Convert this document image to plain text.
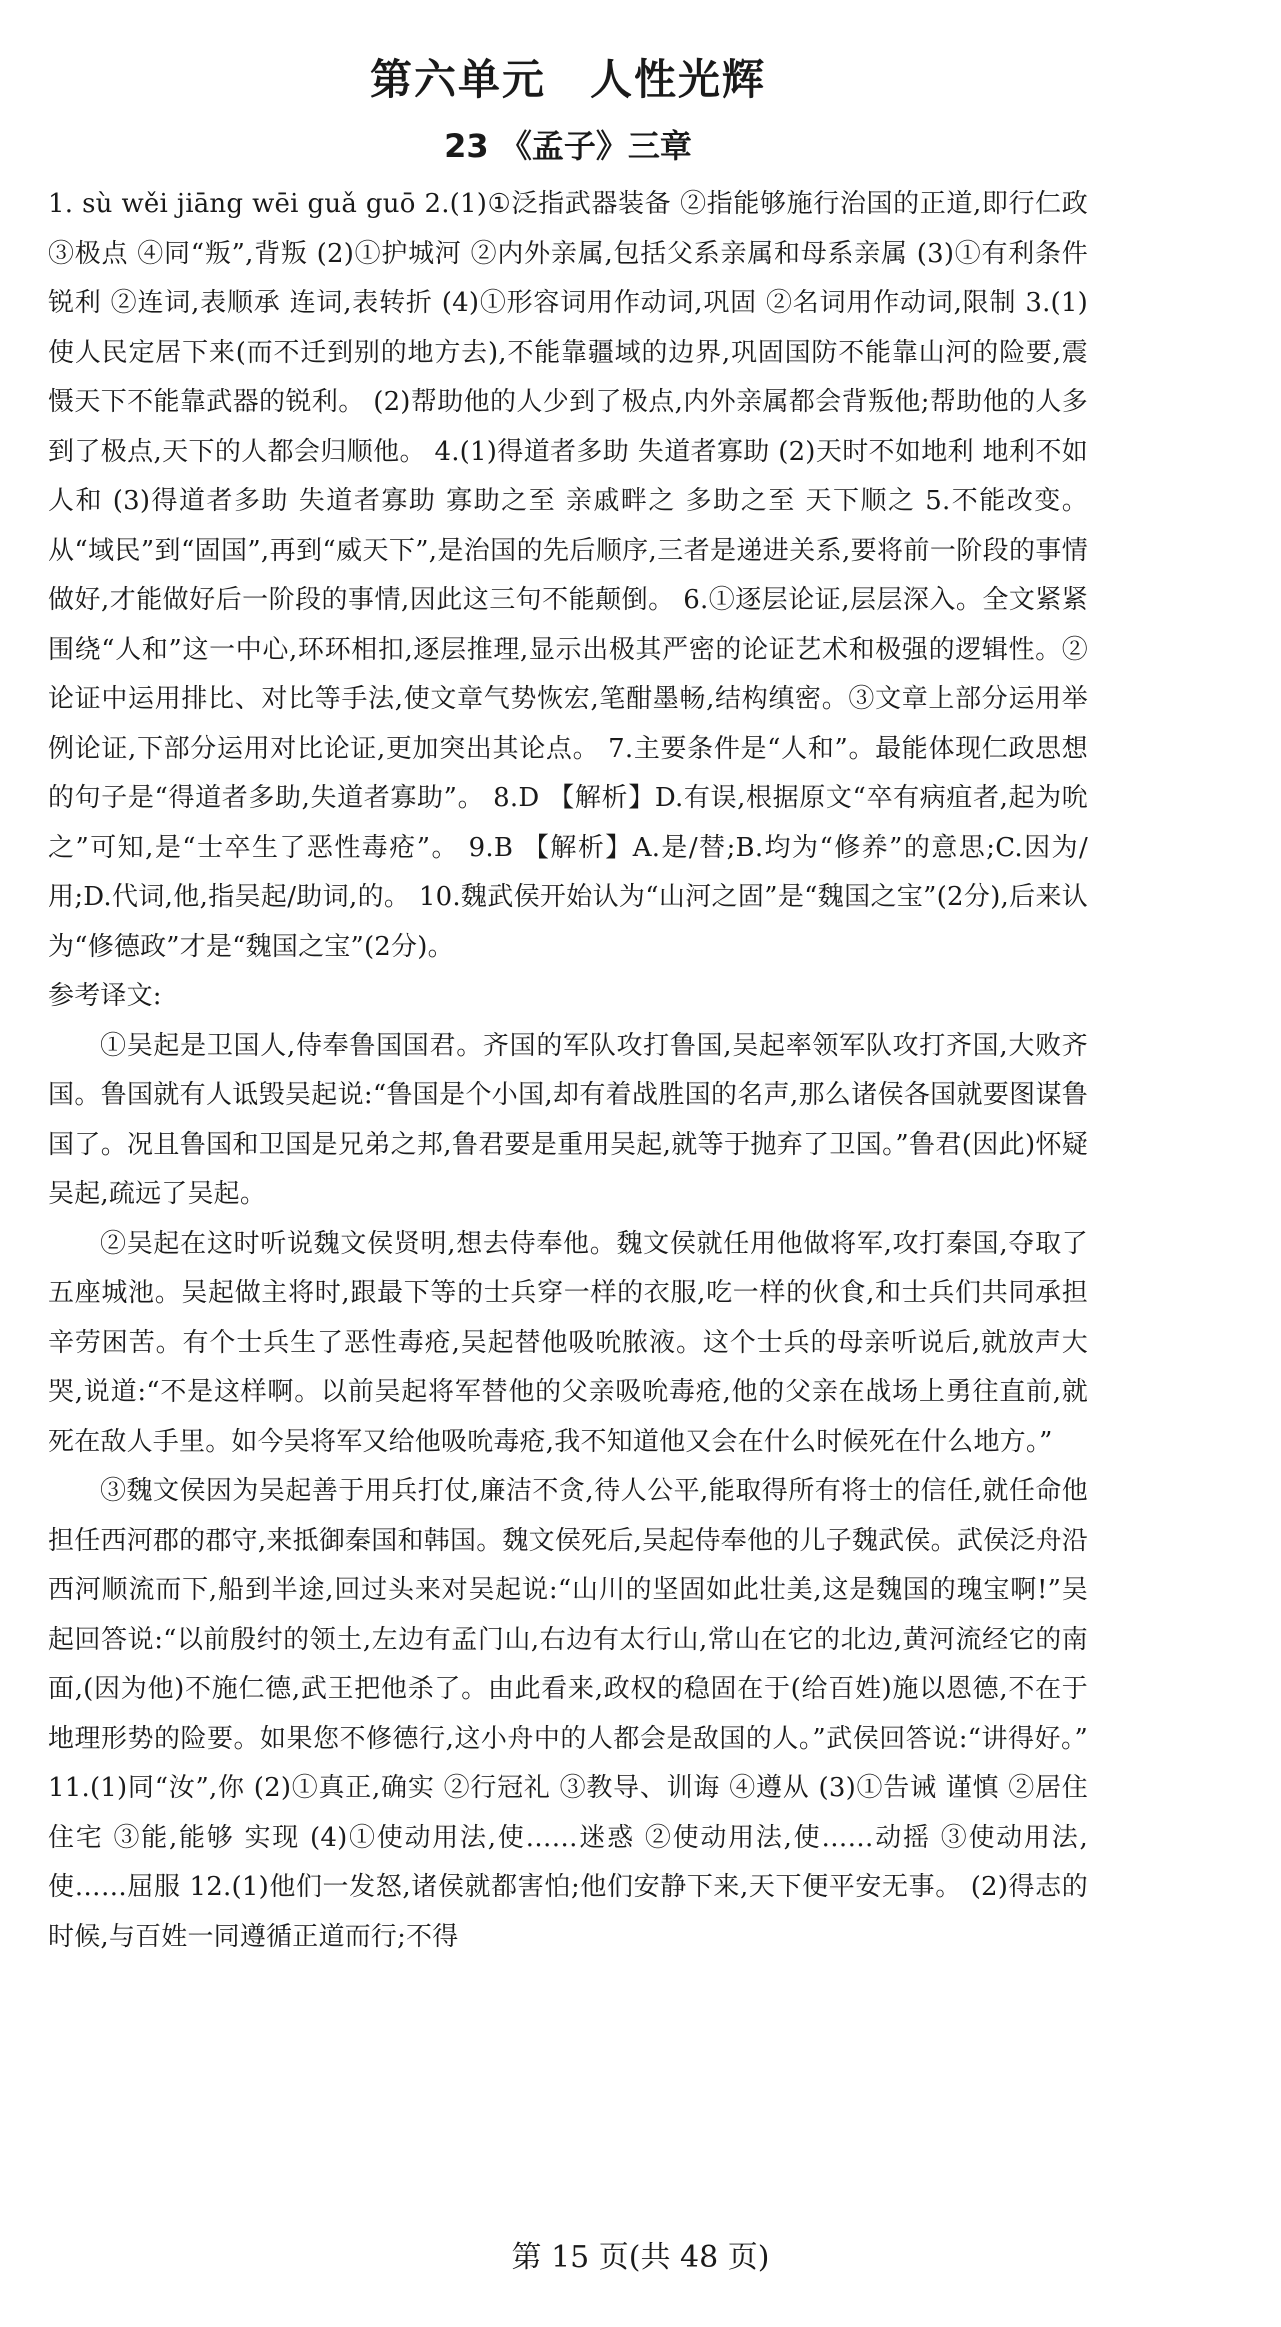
第六单元　人性光辉
23 《孟子》三章

1. sù wěi jiāng wēi guǎ guō 2.(1)①泛指武器装备 ②指能够施行治国的正道,即行仁政 ③极点 ④同“叛”,背叛 (2)①护城河 ②内外亲属,包括父系亲属和母系亲属 (3)①有利条件 锐利 ②连词,表顺承 连词,表转折 (4)①形容词用作动词,巩固 ②名词用作动词,限制 3.(1)使人民定居下来(而不迁到别的地方去),不能靠疆域的边界,巩固国防不能靠山河的险要,震慑天下不能靠武器的锐利。 (2)帮助他的人少到了极点,内外亲属都会背叛他;帮助他的人多到了极点,天下的人都会归顺他。 4.(1)得道者多助 失道者寡助 (2)天时不如地利 地利不如人和 (3)得道者多助 失道者寡助 寡助之至 亲戚畔之 多助之至 天下顺之 5.不能改变。从“域民”到“固国”,再到“威天下”,是治国的先后顺序,三者是递进关系,要将前一阶段的事情做好,才能做好后一阶段的事情,因此这三句不能颠倒。 6.①逐层论证,层层深入。全文紧紧围绕“人和”这一中心,环环相扣,逐层推理,显示出极其严密的论证艺术和极强的逻辑性。②论证中运用排比、对比等手法,使文章气势恢宏,笔酣墨畅,结构缜密。③文章上部分运用举例论证,下部分运用对比论证,更加突出其论点。 7.主要条件是“人和”。最能体现仁政思想的句子是“得道者多助,失道者寡助”。 8.D 【解析】D.有误,根据原文“卒有病疽者,起为吮之”可知,是“士卒生了恶性毒疮”。 9.B 【解析】A.是/替;B.均为“修养”的意思;C.因为/用;D.代词,他,指吴起/助词,的。 10.魏武侯开始认为“山河之固”是“魏国之宝”(2分),后来认为“修德政”才是“魏国之宝”(2分)。

参考译文:

①吴起是卫国人,侍奉鲁国国君。齐国的军队攻打鲁国,吴起率领军队攻打齐国,大败齐国。鲁国就有人诋毁吴起说:“鲁国是个小国,却有着战胜国的名声,那么诸侯各国就要图谋鲁国了。况且鲁国和卫国是兄弟之邦,鲁君要是重用吴起,就等于抛弃了卫国。”鲁君(因此)怀疑吴起,疏远了吴起。

②吴起在这时听说魏文侯贤明,想去侍奉他。魏文侯就任用他做将军,攻打秦国,夺取了五座城池。吴起做主将时,跟最下等的士兵穿一样的衣服,吃一样的伙食,和士兵们共同承担辛劳困苦。有个士兵生了恶性毒疮,吴起替他吸吮脓液。这个士兵的母亲听说后,就放声大哭,说道:“不是这样啊。以前吴起将军替他的父亲吸吮毒疮,他的父亲在战场上勇往直前,就死在敌人手里。如今吴将军又给他吸吮毒疮,我不知道他又会在什么时候死在什么地方。”

③魏文侯因为吴起善于用兵打仗,廉洁不贪,待人公平,能取得所有将士的信任,就任命他担任西河郡的郡守,来抵御秦国和韩国。魏文侯死后,吴起侍奉他的儿子魏武侯。武侯泛舟沿西河顺流而下,船到半途,回过头来对吴起说:“山川的坚固如此壮美,这是魏国的瑰宝啊!”吴起回答说:“以前殷纣的领土,左边有孟门山,右边有太行山,常山在它的北边,黄河流经它的南面,(因为他)不施仁德,武王把他杀了。由此看来,政权的稳固在于(给百姓)施以恩德,不在于地理形势的险要。如果您不修德行,这小舟中的人都会是敌国的人。”武侯回答说:“讲得好。” 11.(1)同“汝”,你 (2)①真正,确实 ②行冠礼 ③教导、训诲 ④遵从 (3)①告诫 谨慎 ②居住 住宅 ③能,能够 实现 (4)①使动用法,使……迷惑 ②使动用法,使……动摇 ③使动用法,使……屈服 12.(1)他们一发怒,诸侯就都害怕;他们安静下来,天下便平安无事。 (2)得志的时候,与百姓一同遵循正道而行;不得

第 15 页(共 48 页)
